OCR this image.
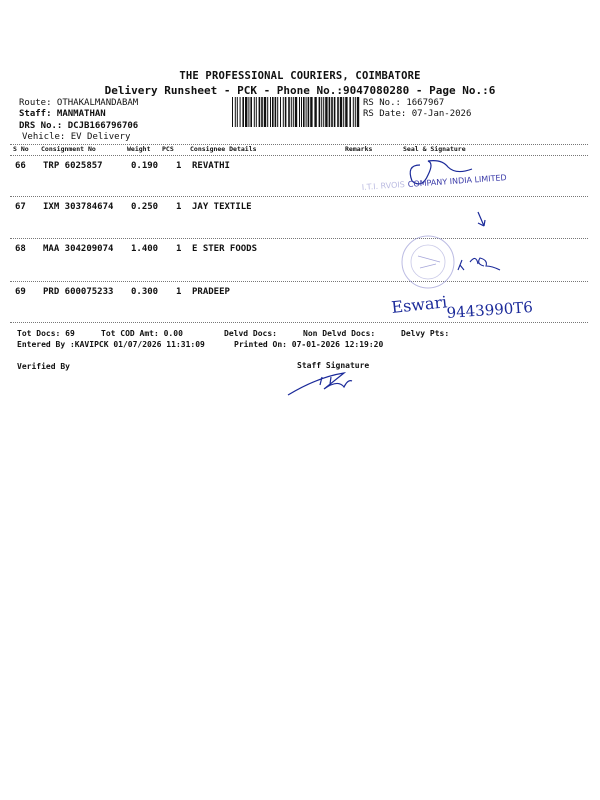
THE PROFESSIONAL COURIERS, COIMBATORE
Delivery Runsheet - PCK - Phone No.:9047080280 - Page No.:6
Route: OTHAKALMANDABAM
Staff: MANMATHAN
DRS No.: DCJB166796706
Vehicle: EV Delivery
RS No.: 1667967
RS Date: 07-Jan-2026
S No Consignment No	Weight PCS	Consignee Details	Remarks	Seal & Signature
66 TRP 6025857	0.190 1 REVATHI
67 IXM 303784674 0.250 1 JAY TEXTILE
68 MAA 304209074 1.400 1 E STER FOODS
69 PRD 600075233 0.300 1 PRADEEP
I.T.I. RVOIS COMPANY INDIA LIMITED
Eswari
9443990T6
Tot Docs: 69	Tot COD Amt: 0.00	Delvd Docs:	Non Delvd Docs:	Delvy Pts:
Entered By :KAVIPCK 01/07/2026 11:31:09	Printed On: 07-01-2026 12:19:20
Verified By	Staff Signature
